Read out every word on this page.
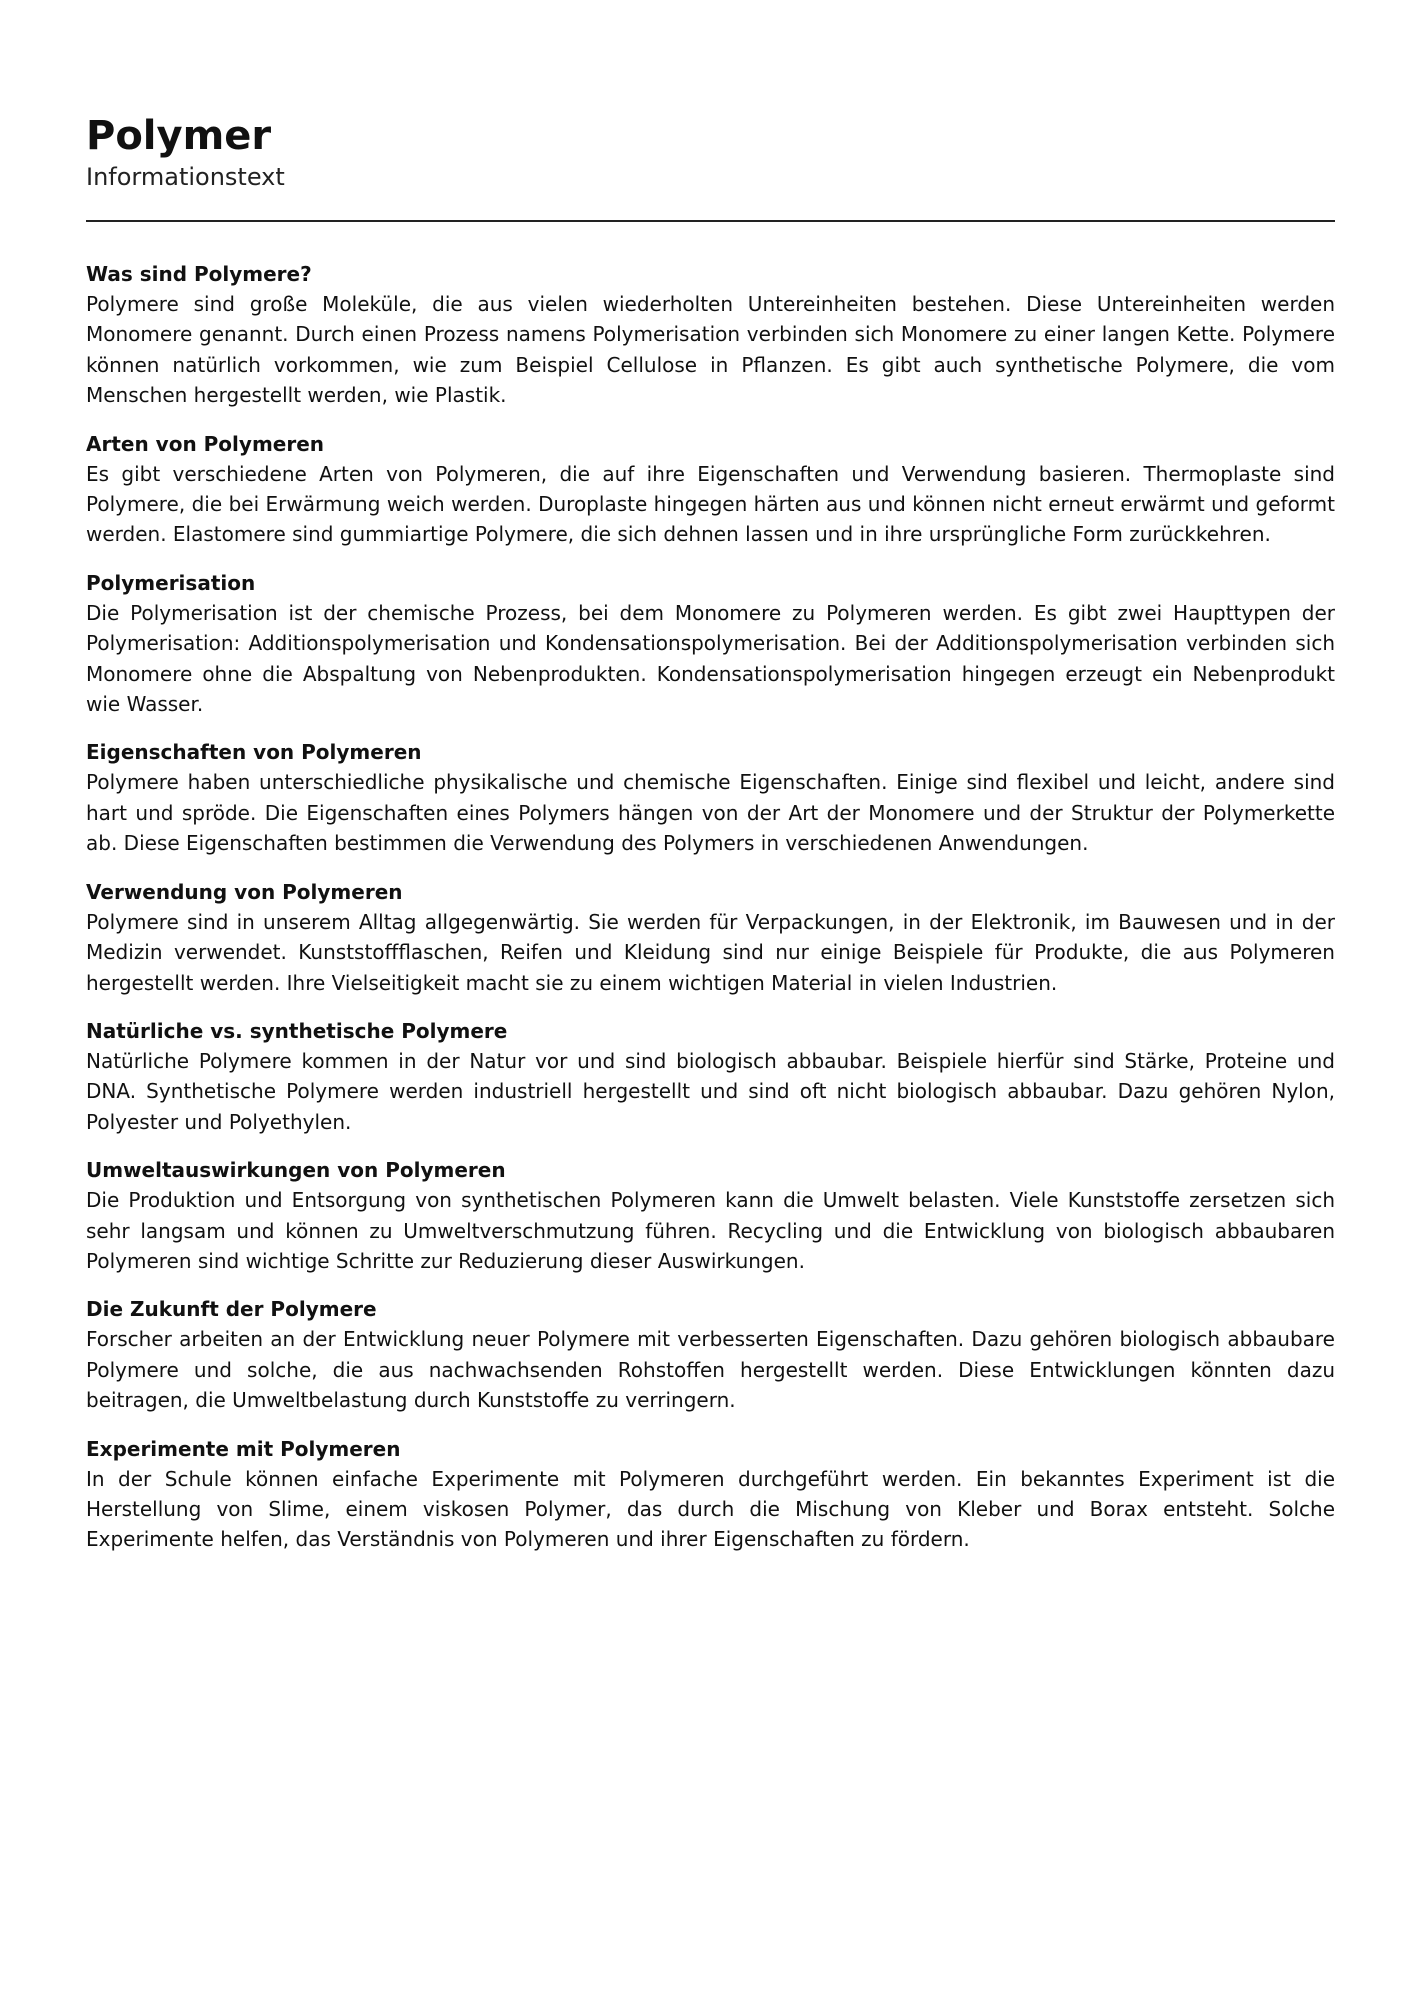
Polymer

Informationstext

Was sind Polymere?

Polymere sind große Moleküle, die aus vielen wiederholten Untereinheiten bestehen. Diese Untereinheiten werden Monomere genannt. Durch einen Prozess namens Polymerisation verbinden sich Monomere zu einer langen Kette. Polymere können natürlich vorkommen, wie zum Beispiel Cellulose in Pflanzen. Es gibt auch synthetische Polymere, die vom Menschen hergestellt werden, wie Plastik.

Arten von Polymeren

Es gibt verschiedene Arten von Polymeren, die auf ihre Eigenschaften und Verwendung basieren. Thermoplaste sind Polymere, die bei Erwärmung weich werden. Duroplaste hingegen härten aus und können nicht erneut erwärmt und geformt werden. Elastomere sind gummiartige Polymere, die sich dehnen lassen und in ihre ursprüngliche Form zurückkehren.

Polymerisation

Die Polymerisation ist der chemische Prozess, bei dem Monomere zu Polymeren werden. Es gibt zwei Haupttypen der Polymerisation: Additionspolymerisation und Kondensationspolymerisation. Bei der Additionspolymerisation verbinden sich Monomere ohne die Abspaltung von Nebenprodukten. Kondensationspolymerisation hingegen erzeugt ein Nebenprodukt wie Wasser.

Eigenschaften von Polymeren

Polymere haben unterschiedliche physikalische und chemische Eigenschaften. Einige sind flexibel und leicht, andere sind hart und spröde. Die Eigenschaften eines Polymers hängen von der Art der Monomere und der Struktur der Polymerkette ab. Diese Eigenschaften bestimmen die Verwendung des Polymers in verschiedenen Anwendungen.

Verwendung von Polymeren

Polymere sind in unserem Alltag allgegenwärtig. Sie werden für Verpackungen, in der Elektronik, im Bauwesen und in der Medizin verwendet. Kunststoffflaschen, Reifen und Kleidung sind nur einige Beispiele für Produkte, die aus Polymeren hergestellt werden. Ihre Vielseitigkeit macht sie zu einem wichtigen Material in vielen Industrien.

Natürliche vs. synthetische Polymere

Natürliche Polymere kommen in der Natur vor und sind biologisch abbaubar. Beispiele hierfür sind Stärke, Proteine und DNA. Synthetische Polymere werden industriell hergestellt und sind oft nicht biologisch abbaubar. Dazu gehören Nylon, Polyester und Polyethylen.

Umweltauswirkungen von Polymeren

Die Produktion und Entsorgung von synthetischen Polymeren kann die Umwelt belasten. Viele Kunststoffe zersetzen sich sehr langsam und können zu Umweltverschmutzung führen. Recycling und die Entwicklung von biologisch abbaubaren Polymeren sind wichtige Schritte zur Reduzierung dieser Auswirkungen.

Die Zukunft der Polymere

Forscher arbeiten an der Entwicklung neuer Polymere mit verbesserten Eigenschaften. Dazu gehören biologisch abbaubare Polymere und solche, die aus nachwachsenden Rohstoffen hergestellt werden. Diese Entwicklungen könnten dazu beitragen, die Umweltbelastung durch Kunststoffe zu verringern.

Experimente mit Polymeren

In der Schule können einfache Experimente mit Polymeren durchgeführt werden. Ein bekanntes Experiment ist die Herstellung von Slime, einem viskosen Polymer, das durch die Mischung von Kleber und Borax entsteht. Solche Experimente helfen, das Verständnis von Polymeren und ihrer Eigenschaften zu fördern.
